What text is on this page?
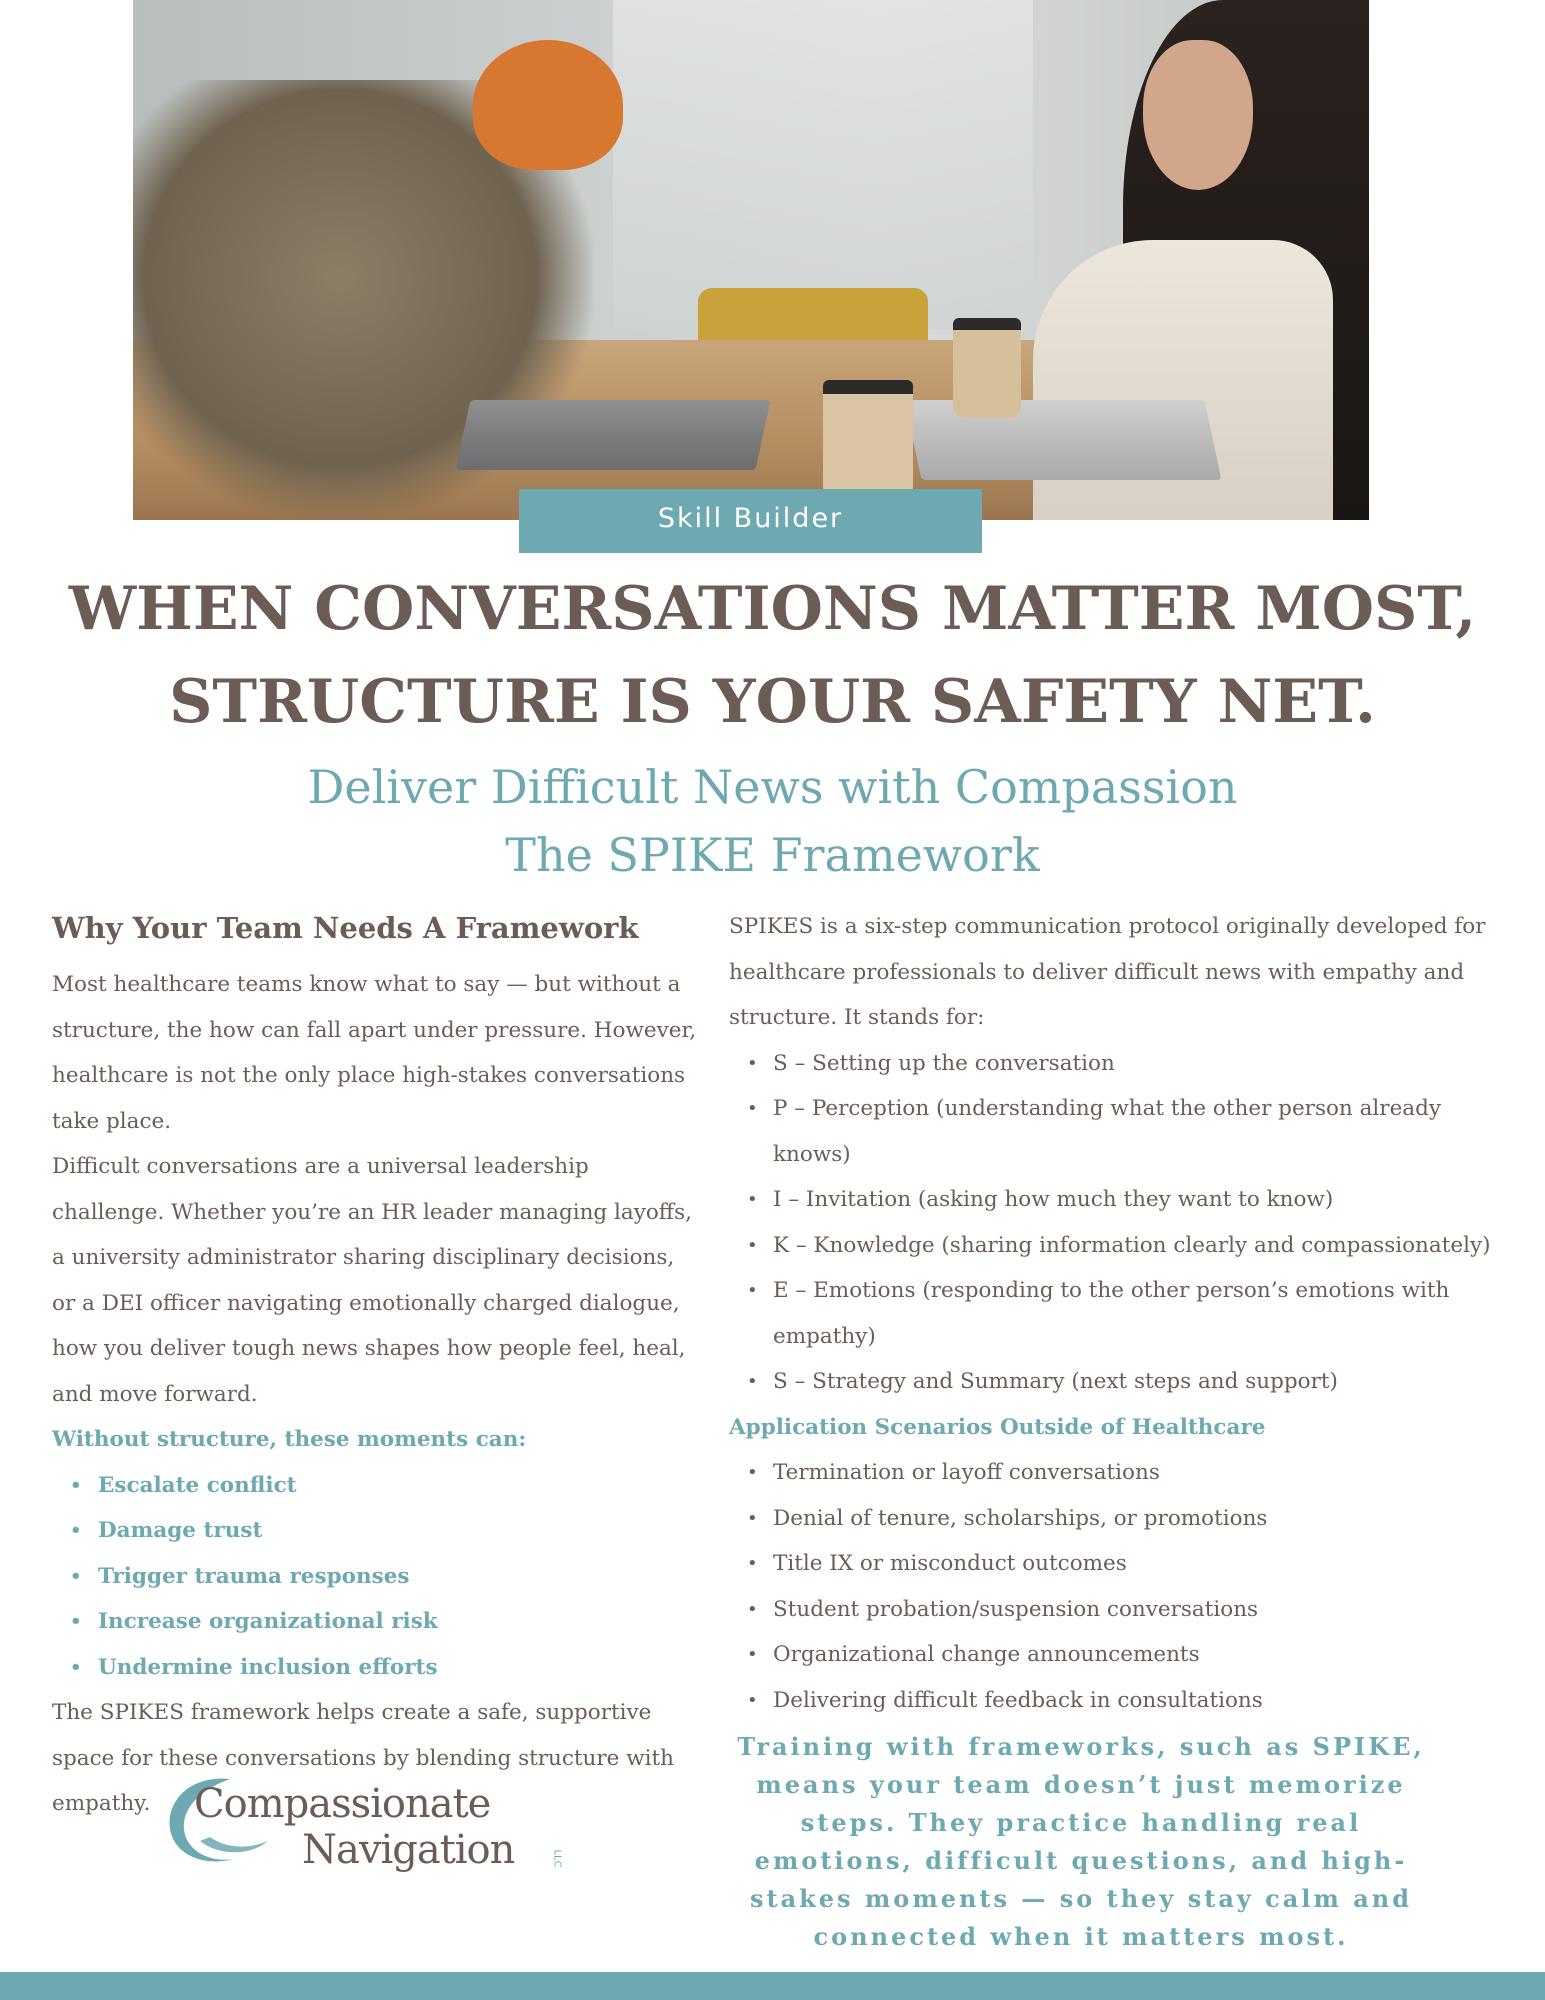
Skill Builder
WHEN CONVERSATIONS MATTER MOST,
STRUCTURE IS YOUR SAFETY NET.
Deliver Difficult News with Compassion
The SPIKE Framework
Why Your Team Needs A Framework

Most healthcare teams know what to say — but without a structure, the how can fall apart under pressure. However, healthcare is not the only place high-stakes conversations take place.

Difficult conversations are a universal leadership challenge. Whether you’re an HR leader managing layoffs, a university administrator sharing disciplinary decisions, or a DEI officer navigating emotionally charged dialogue, how you deliver tough news shapes how people feel, heal, and move forward.

Without structure, these moments can:
• Escalate conflict
• Damage trust
• Trigger trauma responses
• Increase organizational risk
• Undermine inclusion efforts

The SPIKES framework helps create a safe, supportive space for these conversations by blending structure with empathy.

SPIKES is a six-step communication protocol originally developed for healthcare professionals to deliver difficult news with empathy and structure. It stands for:

• S – Setting up the conversation
• P – Perception (understanding what the other person already knows)
• I – Invitation (asking how much they want to know)
• K – Knowledge (sharing information clearly and compassionately)
• E – Emotions (responding to the other person’s emotions with empathy)
• S – Strategy and Summary (next steps and support)
Application Scenarios Outside of Healthcare
• Termination or layoff conversations
• Denial of tenure, scholarships, or promotions
• Title IX or misconduct outcomes
• Student probation/suspension conversations
• Organizational change announcements
• Delivering difficult feedback in consultations
Compassionate
Navigation	LLC
Training with frameworks, such as SPIKE, means your team doesn’t just memorize steps. They practice handling real emotions, difficult questions, and high-stakes moments — so they stay calm and connected when it matters most.
